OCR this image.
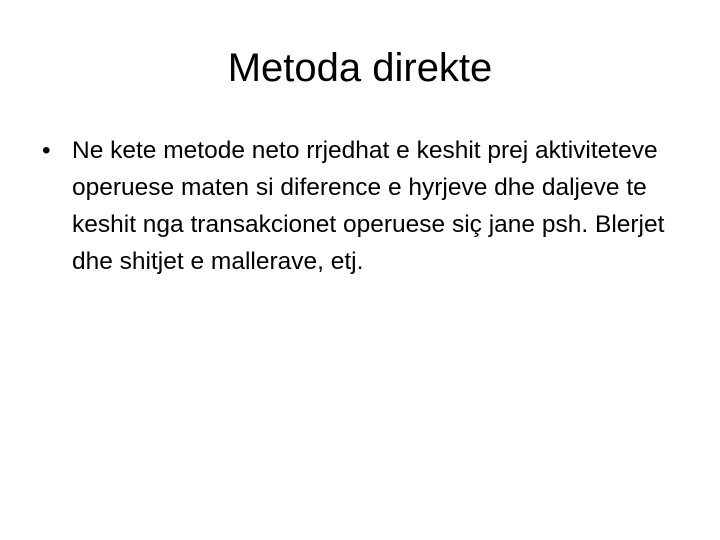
Metoda direkte
• Ne kete metode neto rrjedhat e keshit prej aktiviteteve operuese maten si diference e hyrjeve dhe daljeve te keshit nga transakcionet operuese siç jane psh. Blerjet dhe shitjet e mallerave, etj.
